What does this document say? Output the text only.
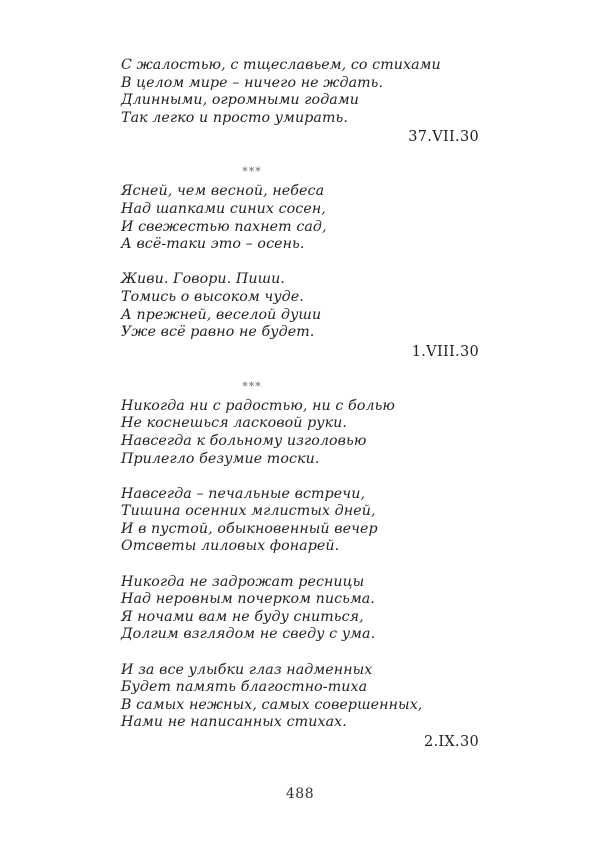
С жалостью, с тщеславьем, со стихами
В целом мире – ничего не ждать.
Длинными, огромными годами
Так легко и просто умирать.
37.VII.30
***
Ясней, чем весной, небеса
Над шапками синих сосен,
И свежестью пахнет сад,
А всё-таки это – осень.
Живи. Говори. Пиши.
Томись о высоком чуде.
А прежней, веселой души
Уже всё равно не будет.
1.VIII.30
***
Никогда ни с радостью, ни с болью
Не коснешься ласковой руки.
Навсегда к больному изголовью
Прилегло безумие тоски.
Навсегда – печальные встречи,
Тишина осенних мглистых дней,
И в пустой, обыкновенный вечер
Отсветы лиловых фонарей.
Никогда не задрожат ресницы
Над неровным почерком письма.
Я ночами вам не буду сниться,
Долгим взглядом не сведу с ума.
И за все улыбки глаз надменных
Будет память благостно-тиха
В самых нежных, самых совершенных,
Нами не написанных стихах.
2.IX.30
488
